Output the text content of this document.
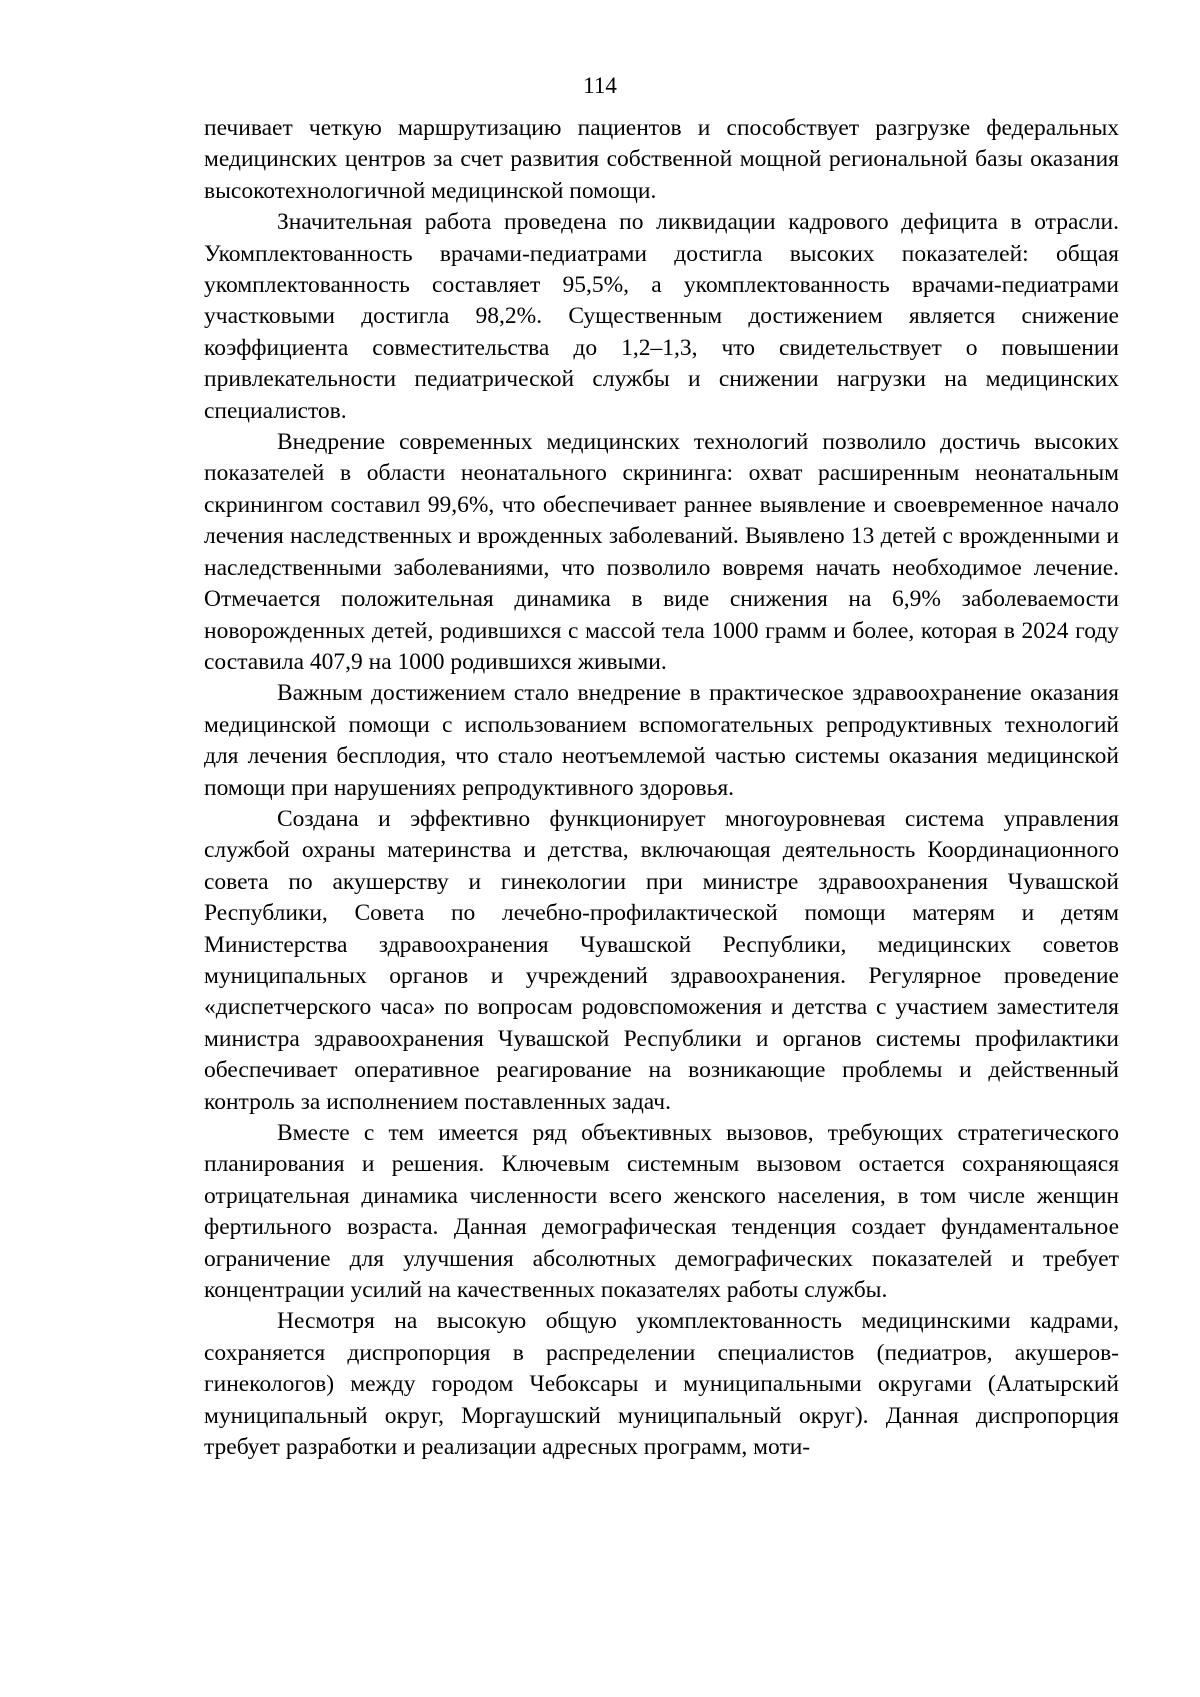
114

печивает четкую маршрутизацию пациентов и способствует разгрузке федеральных медицинских центров за счет развития собственной мощной региональной базы оказания высокотехнологичной медицинской помощи.

Значительная работа проведена по ликвидации кадрового дефицита в отрасли. Укомплектованность врачами-педиатрами достигла высоких показателей: общая укомплектованность составляет 95,5%, а укомплектованность врачами-педиатрами участковыми достигла 98,2%. Существенным достижением является снижение коэффициента совместительства до 1,2–1,3, что свидетельствует о повышении привлекательности педиатрической службы и снижении нагрузки на медицинских специалистов.

Внедрение современных медицинских технологий позволило достичь высоких показателей в области неонатального скрининга: охват расширенным неонатальным скринингом составил 99,6%, что обеспечивает раннее выявление и своевременное начало лечения наследственных и врожденных заболеваний. Выявлено 13 детей с врожденными и наследственными заболеваниями, что позволило вовремя начать необходимое лечение. Отмечается положительная динамика в виде снижения на 6,9% заболеваемости новорожденных детей, родившихся с массой тела 1000 грамм и более, которая в 2024 году составила 407,9 на 1000 родившихся живыми.

Важным достижением стало внедрение в практическое здравоохранение оказания медицинской помощи с использованием вспомогательных репродуктивных технологий для лечения бесплодия, что стало неотъемлемой частью системы оказания медицинской помощи при нарушениях репродуктивного здоровья.

Создана и эффективно функционирует многоуровневая система управления службой охраны материнства и детства, включающая деятельность Координационного совета по акушерству и гинекологии при министре здравоохранения Чувашской Республики, Совета по лечебно-профилактической помощи матерям и детям Министерства здравоохранения Чувашской Республики, медицинских советов муниципальных органов и учреждений здравоохранения. Регулярное проведение «диспетчерского часа» по вопросам родовспоможения и детства с участием заместителя министра здравоохранения Чувашской Республики и органов системы профилактики обеспечивает оперативное реагирование на возникающие проблемы и действенный контроль за исполнением поставленных задач.

Вместе с тем имеется ряд объективных вызовов, требующих стратегического планирования и решения. Ключевым системным вызовом остается сохраняющаяся отрицательная динамика численности всего женского населения, в том числе женщин фертильного возраста. Данная демографическая тенденция создает фундаментальное ограничение для улучшения абсолютных демографических показателей и требует концентрации усилий на качественных показателях работы службы.

Несмотря на высокую общую укомплектованность медицинскими кадрами, сохраняется диспропорция в распределении специалистов (педиатров, акушеров-гинекологов) между городом Чебоксары и муниципальными округами (Алатырский муниципальный округ, Моргаушский муниципальный округ). Данная диспропорция требует разработки и реализации адресных программ, моти-
